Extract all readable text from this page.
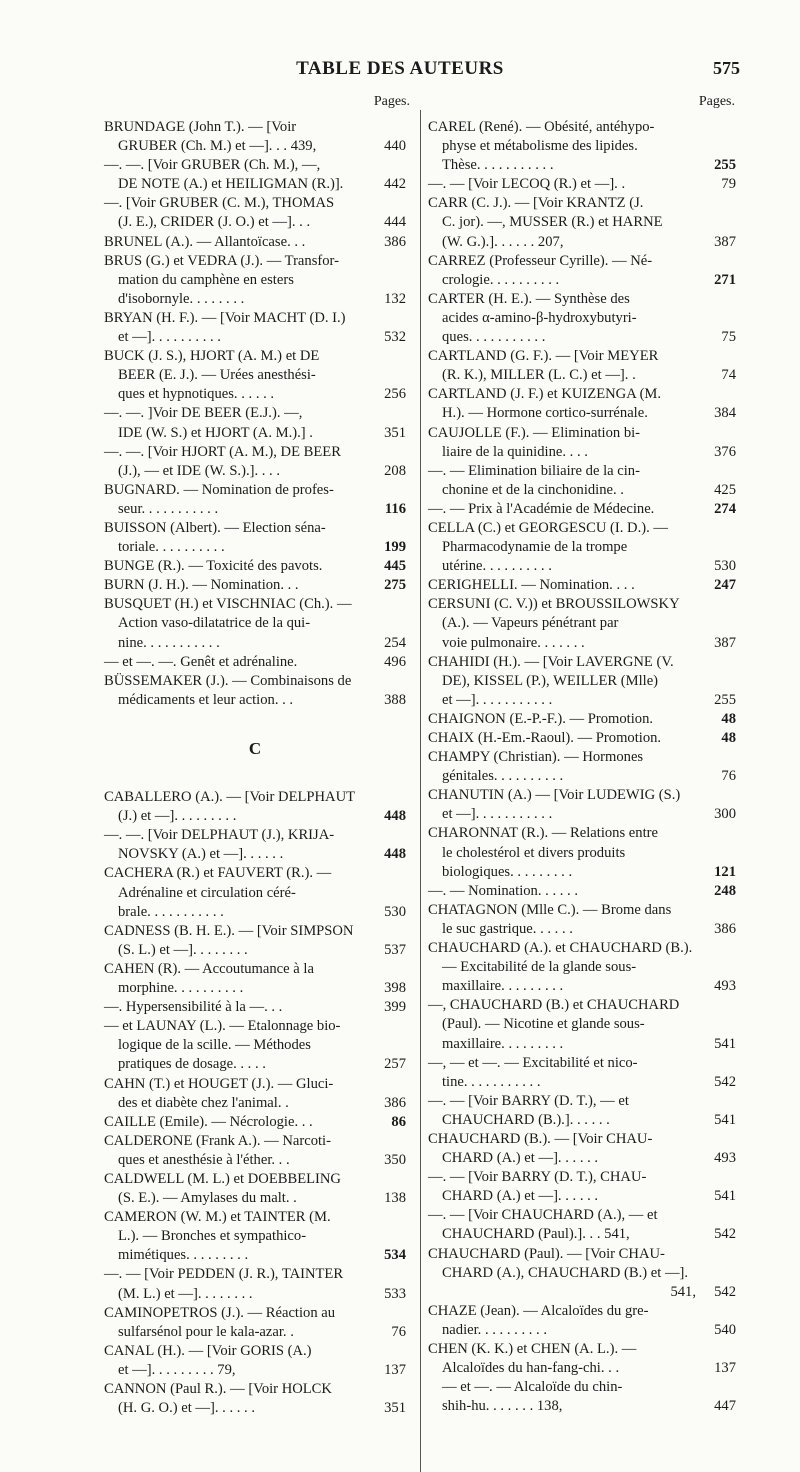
TABLE DES AUTEURS	575
Pages.	Pages.
BRUNDAGE (John T.). — [Voir
GRUBER (Ch. M.) et —]. . . 439,	440
—. —. [Voir GRUBER (Ch. M.), —,
DE NOTE (A.) et HEILIGMAN (R.)].	442
—. [Voir GRUBER (C. M.), THOMAS
(J. E.), CRIDER (J. O.) et —]. . .	444
BRUNEL (A.). — Allantoïcase. . .	386
BRUS (G.) et VEDRA (J.). — Transfor-
mation du camphène en esters
d'isobornyle. . . . . . . .	132
BRYAN (H. F.). — [Voir MACHT (D. I.)
et —]. . . . . . . . . .	532
BUCK (J. S.), HJORT (A. M.) et DE
BEER (E. J.). — Urées anesthési-
ques et hypnotiques. . . . . .	256
—. —. ]Voir DE BEER (E.J.). —,
IDE (W. S.) et HJORT (A. M.).] .	351
—. —. [Voir HJORT (A. M.), DE BEER
(J.), — et IDE (W. S.).]. . . .	208
BUGNARD. — Nomination de profes-
seur. . . . . . . . . . .	116
BUISSON (Albert). — Election séna-
toriale. . . . . . . . . .	199
BUNGE (R.). — Toxicité des pavots.	445
BURN (J. H.). — Nomination. . .	275
BUSQUET (H.) et VISCHNIAC (Ch.). —
Action vaso-dilatatrice de la qui-
nine. . . . . . . . . . .	254
— et —. —. Genêt et adrénaline.	496
BÜSSEMAKER (J.). — Combinaisons de
médicaments et leur action. . .	388
C
CABALLERO (A.). — [Voir DELPHAUT
(J.) et —]. . . . . . . . .	448
—. —. [Voir DELPHAUT (J.), KRIJA-
NOVSKY (A.) et —]. . . . . .	448
CACHERA (R.) et FAUVERT (R.). —
Adrénaline et circulation céré-
brale. . . . . . . . . . .	530
CADNESS (B. H. E.). — [Voir SIMPSON
(S. L.) et —]. . . . . . . .	537
CAHEN (R). — Accoutumance à la
morphine. . . . . . . . . .	398
—. Hypersensibilité à la —. . .	399
— et LAUNAY (L.). — Etalonnage bio-
logique de la scille. — Méthodes
pratiques de dosage. . . . .	257
CAHN (T.) et HOUGET (J.). — Gluci-
des et diabète chez l'animal. .	386
CAILLE (Emile). — Nécrologie. . .	86
CALDERONE (Frank A.). — Narcoti-
ques et anesthésie à l'éther. . .	350
CALDWELL (M. L.) et DOEBBELING
(S. E.). — Amylases du malt. .	138
CAMERON (W. M.) et TAINTER (M.
L.). — Bronches et sympathico-
mimétiques. . . . . . . . .	534
—. — [Voir PEDDEN (J. R.), TAINTER
(M. L.) et —]. . . . . . . .	533
CAMINOPETROS (J.). — Réaction au
sulfarsénol pour le kala-azar. .	76
CANAL (H.). — [Voir GORIS (A.)
et —]. . . . . . . . . 79,	137
CANNON (Paul R.). — [Voir HOLCK
(H. G. O.) et —]. . . . . .	351
CAREL (René). — Obésité, antéhypo-
physe et métabolisme des lipides.
Thèse. . . . . . . . . . .	255
—. — [Voir LECOQ (R.) et —]. .	79
CARR (C. J.). — [Voir KRANTZ (J.
C. jor). —, MUSSER (R.) et HARNE
(W. G.).]. . . . . . 207,	387
CARREZ (Professeur Cyrille). — Né-
crologie. . . . . . . . . .	271
CARTER (H. E.). — Synthèse des
acides α-amino-β-hydroxybutyri-
ques. . . . . . . . . . .	75
CARTLAND (G. F.). — [Voir MEYER
(R. K.), MILLER (L. C.) et —]. .	74
CARTLAND (J. F.) et KUIZENGA (M.
H.). — Hormone cortico-surrénale.	384
CAUJOLLE (F.). — Elimination bi-
liaire de la quinidine. . . .	376
—. — Elimination biliaire de la cin-
chonine et de la cinchonidine. .	425
—. — Prix à l'Académie de Médecine.	274
CELLA (C.) et GEORGESCU (I. D.). —
Pharmacodynamie de la trompe
utérine. . . . . . . . . .	530
CERIGHELLI. — Nomination. . . .	247
CERSUNI (C. V.)) et BROUSSILOWSKY
(A.). — Vapeurs pénétrant par
voie pulmonaire. . . . . . .	387
CHAHIDI (H.). — [Voir LAVERGNE (V.
DE), KISSEL (P.), WEILLER (Mlle)
et —]. . . . . . . . . . .	255
CHAIGNON (E.-P.-F.). — Promotion.	48
CHAIX (H.-Em.-Raoul). — Promotion.	48
CHAMPY (Christian). — Hormones
génitales. . . . . . . . . .	76
CHANUTIN (A.) — [Voir LUDEWIG (S.)
et —]. . . . . . . . . . .	300
CHARONNAT (R.). — Relations entre
le cholestérol et divers produits
biologiques. . . . . . . . .	121
—. — Nomination. . . . . .	248
CHATAGNON (Mlle C.). — Brome dans
le suc gastrique. . . . . .	386
CHAUCHARD (A.). et CHAUCHARD (B.).
— Excitabilité de la glande sous-
maxillaire. . . . . . . . .	493
—, CHAUCHARD (B.) et CHAUCHARD
(Paul). — Nicotine et glande sous-
maxillaire. . . . . . . . .	541
—, — et —. — Excitabilité et nico-
tine. . . . . . . . . . .	542
—. — [Voir BARRY (D. T.), — et
CHAUCHARD (B.).]. . . . . .	541
CHAUCHARD (B.). — [Voir CHAU-
CHARD (A.) et —]. . . . . .	493
—. — [Voir BARRY (D. T.), CHAU-
CHARD (A.) et —]. . . . . .	541
—. — [Voir CHAUCHARD (A.), — et
CHAUCHARD (Paul).]. . . 541,	542
CHAUCHARD (Paul). — [Voir CHAU-
CHARD (A.), CHAUCHARD (B.) et —].
541, 542
CHAZE (Jean). — Alcaloïdes du gre-
nadier. . . . . . . . . .	540
CHEN (K. K.) et CHEN (A. L.). —
Alcaloïdes du han-fang-chi. . .	137
— et —. — Alcaloïde du chin-
shih-hu. . . . . . . 138,	447
